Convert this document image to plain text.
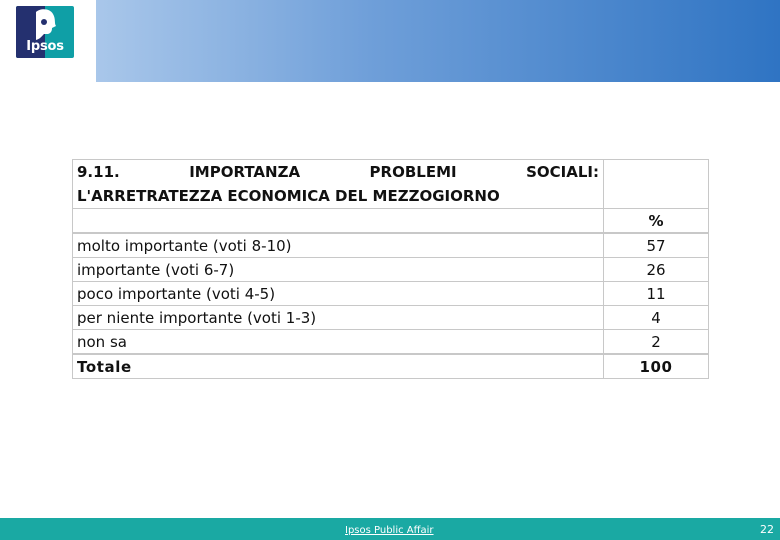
Ipsos
9.11. IMPORTANZA PROBLEMI SOCIALI:
L'ARRETRATEZZA ECONOMICA DEL MEZZOGIORNO	

	%
molto importante (voti 8-10)	57
importante (voti 6-7)	26
poco importante (voti 4-5)	11
per niente importante (voti 1-3)	4
non sa	2
Totale	100
Ipsos Public Affair	22
